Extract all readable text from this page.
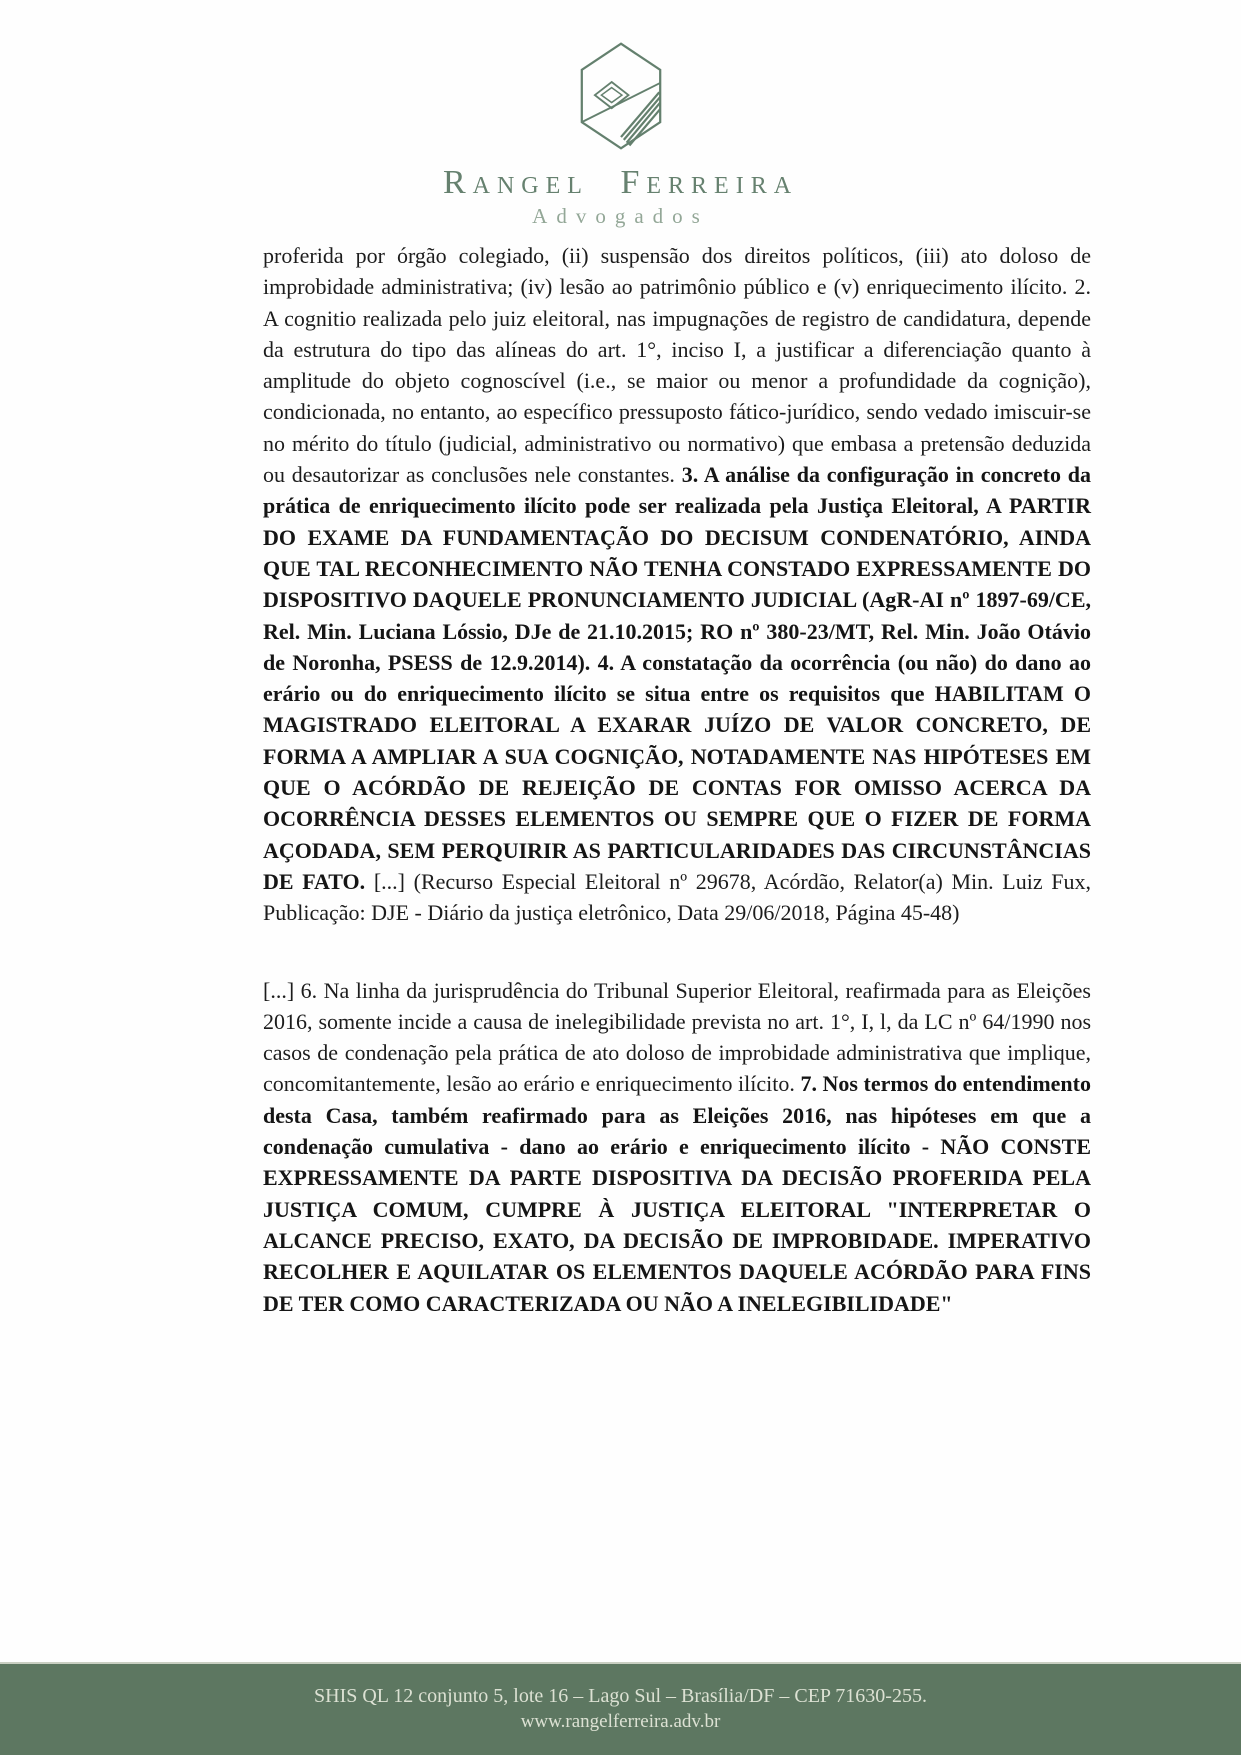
Rangel Ferreira
Advogados

proferida por órgão colegiado, (ii) suspensão dos direitos políticos, (iii) ato doloso de improbidade administrativa; (iv) lesão ao patrimônio público e (v) enriquecimento ilícito. 2. A cognitio realizada pelo juiz eleitoral, nas impugnações de registro de candidatura, depende da estrutura do tipo das alíneas do art. 1°, inciso I, a justificar a diferenciação quanto à amplitude do objeto cognoscível (i.e., se maior ou menor a profundidade da cognição), condicionada, no entanto, ao específico pressuposto fático-jurídico, sendo vedado imiscuir-se no mérito do título (judicial, administrativo ou normativo) que embasa a pretensão deduzida ou desautorizar as conclusões nele constantes. 3. A análise da configuração in concreto da prática de enriquecimento ilícito pode ser realizada pela Justiça Eleitoral, A PARTIR DO EXAME DA FUNDAMENTAÇÃO DO DECISUM CONDENATÓRIO, AINDA QUE TAL RECONHECIMENTO NÃO TENHA CONSTADO EXPRESSAMENTE DO DISPOSITIVO DAQUELE PRONUNCIAMENTO JUDICIAL (AgR-AI nº 1897-69/CE, Rel. Min. Luciana Lóssio, DJe de 21.10.2015; RO nº 380-23/MT, Rel. Min. João Otávio de Noronha, PSESS de 12.9.2014). 4. A constatação da ocorrência (ou não) do dano ao erário ou do enriquecimento ilícito se situa entre os requisitos que HABILITAM O MAGISTRADO ELEITORAL A EXARAR JUÍZO DE VALOR CONCRETO, DE FORMA A AMPLIAR A SUA COGNIÇÃO, NOTADAMENTE NAS HIPÓTESES EM QUE O ACÓRDÃO DE REJEIÇÃO DE CONTAS FOR OMISSO ACERCA DA OCORRÊNCIA DESSES ELEMENTOS OU SEMPRE QUE O FIZER DE FORMA AÇODADA, SEM PERQUIRIR AS PARTICULARIDADES DAS CIRCUNSTÂNCIAS DE FATO. [...] (Recurso Especial Eleitoral nº 29678, Acórdão, Relator(a) Min. Luiz Fux, Publicação: DJE - Diário da justiça eletrônico, Data 29/06/2018, Página 45-48)

[...] 6. Na linha da jurisprudência do Tribunal Superior Eleitoral, reafirmada para as Eleições 2016, somente incide a causa de inelegibilidade prevista no art. 1°, I, l, da LC nº 64/1990 nos casos de condenação pela prática de ato doloso de improbidade administrativa que implique, concomitantemente, lesão ao erário e enriquecimento ilícito. 7. Nos termos do entendimento desta Casa, também reafirmado para as Eleições 2016, nas hipóteses em que a condenação cumulativa - dano ao erário e enriquecimento ilícito - NÃO CONSTE EXPRESSAMENTE DA PARTE DISPOSITIVA DA DECISÃO PROFERIDA PELA JUSTIÇA COMUM, CUMPRE À JUSTIÇA ELEITORAL "INTERPRETAR O ALCANCE PRECISO, EXATO, DA DECISÃO DE IMPROBIDADE. IMPERATIVO RECOLHER E AQUILATAR OS ELEMENTOS DAQUELE ACÓRDÃO PARA FINS DE TER COMO CARACTERIZADA OU NÃO A INELEGIBILIDADE"

SHIS QL 12 conjunto 5, lote 16 – Lago Sul – Brasília/DF – CEP 71630-255.
www.rangelferreira.adv.br
